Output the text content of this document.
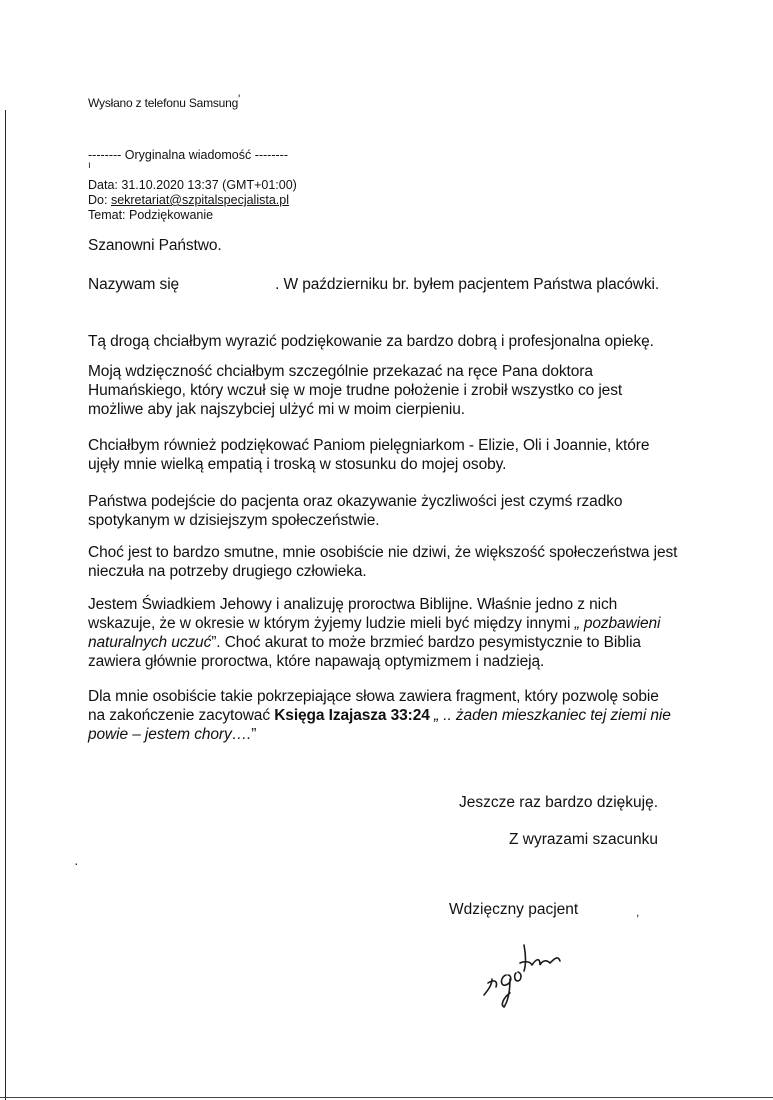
Wysłano z telefonu Samsung '
-------- Oryginalna wiadomość --------
ı
Data: 31.10.2020 13:37 (GMT+01:00)
Do: sekretariat@szpitalspecjalista.pl
Temat: Podziękowanie
Szanowni Państwo.
Nazywam się	. W październiku br. byłem pacjentem Państwa placówki.
Tą drogą chciałbym wyrazić podziękowanie za bardzo dobrą i profesjonalna opiekę.
Moją wdzięczność chciałbym szczególnie przekazać na ręce Pana doktora Humańskiego, który wczuł się w moje trudne położenie i zrobił wszystko co jest możliwe aby jak najszybciej ulżyć mi w moim cierpieniu.
Chciałbym również podziękować Paniom pielęgniarkom - Elizie, Oli i Joannie, które ujęły mnie wielką empatią i troską w stosunku do mojej osoby.
Państwa podejście do pacjenta oraz okazywanie życzliwości jest czymś rzadko spotykanym w dzisiejszym społeczeństwie.
Choć jest to bardzo smutne, mnie osobiście nie dziwi, że większość społeczeństwa jest nieczuła na potrzeby drugiego człowieka.
Jestem Świadkiem Jehowy i analizuję proroctwa Biblijne. Właśnie jedno z nich wskazuje, że w okresie w którym żyjemy ludzie mieli być między innymi „ pozbawieni naturalnych uczuć”. Choć akurat to może brzmieć bardzo pesymistycznie to Biblia zawiera głównie proroctwa, które napawają optymizmem i nadzieją.
Dla mnie osobiście takie pokrzepiające słowa zawiera fragment, który pozwolę sobie na zakończenie zacytować Księga Izajasza 33:24 „ .. żaden mieszkaniec tej ziemi nie powie – jestem chory….”
Jeszcze raz bardzo dziękuję.
Z wyrazami szacunku
Wdzięczny pacjent	,
·
